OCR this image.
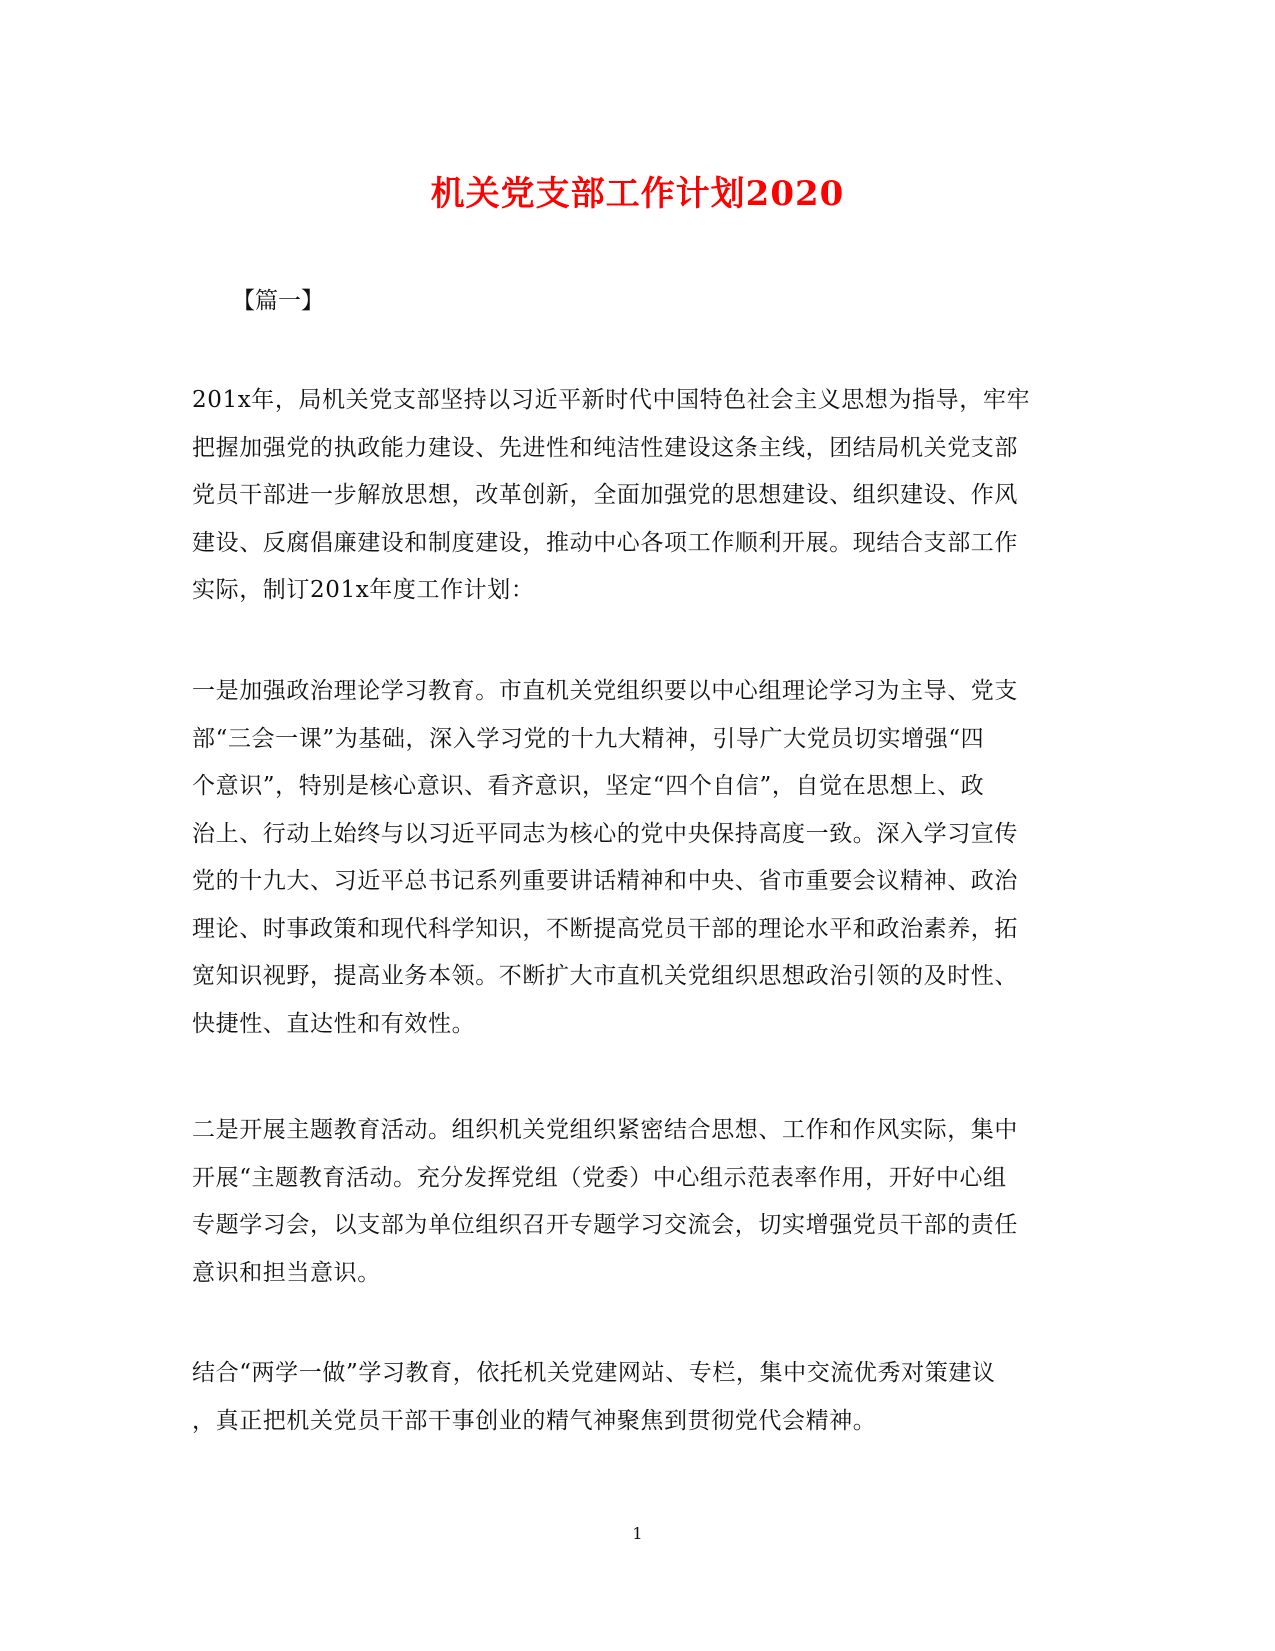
机关党支部工作计划2020

【篇一】

201x年，局机关党支部坚持以习近平新时代中国特色社会主义思想为指导，牢牢
把握加强党的执政能力建设、先进性和纯洁性建设这条主线，团结局机关党支部
党员干部进一步解放思想，改革创新，全面加强党的思想建设、组织建设、作风
建设、反腐倡廉建设和制度建设，推动中心各项工作顺利开展。现结合支部工作
实际，制订201x年度工作计划：

一是加强政治理论学习教育。市直机关党组织要以中心组理论学习为主导、党支
部“三会一课”为基础，深入学习党的十九大精神，引导广大党员切实增强“四
个意识”，特别是核心意识、看齐意识，坚定“四个自信”，自觉在思想上、政
治上、行动上始终与以习近平同志为核心的党中央保持高度一致。深入学习宣传
党的十九大、习近平总书记系列重要讲话精神和中央、省市重要会议精神、政治
理论、时事政策和现代科学知识，不断提高党员干部的理论水平和政治素养，拓
宽知识视野，提高业务本领。不断扩大市直机关党组织思想政治引领的及时性、
快捷性、直达性和有效性。

二是开展主题教育活动。组织机关党组织紧密结合思想、工作和作风实际，集中
开展“主题教育活动。充分发挥党组（党委）中心组示范表率作用，开好中心组
专题学习会，以支部为单位组织召开专题学习交流会，切实增强党员干部的责任
意识和担当意识。

结合“两学一做”学习教育，依托机关党建网站、专栏，集中交流优秀对策建议
，真正把机关党员干部干事创业的精气神聚焦到贯彻党代会精神。

1
